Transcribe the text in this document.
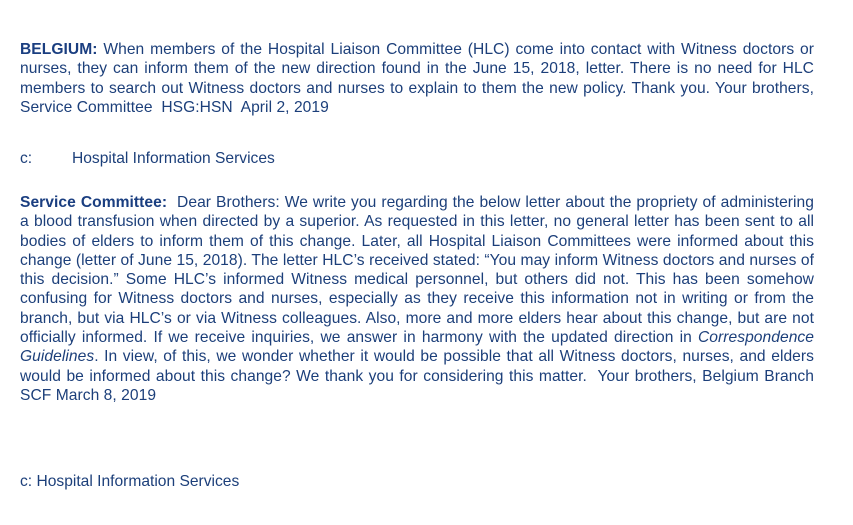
BELGIUM: When members of the Hospital Liaison Committee (HLC) come into contact with Witness doctors or nurses, they can inform them of the new direction found in the June 15, 2018, letter. There is no need for HLC members to search out Witness doctors and nurses to explain to them the new policy. Thank you. Your brothers, Service Committee  HSG:HSN  April 2, 2019

c:	Hospital Information Services

Service Committee:  Dear Brothers: We write you regarding the below letter about the propriety of administering a blood transfusion when directed by a superior. As requested in this letter, no general letter has been sent to all bodies of elders to inform them of this change. Later, all Hospital Liaison Committees were informed about this change (letter of June 15, 2018). The letter HLC’s received stated: “You may inform Witness doctors and nurses of this decision.” Some HLC’s informed Witness medical personnel, but others did not. This has been somehow confusing for Witness doctors and nurses, especially as they receive this information not in writing or from the branch, but via HLC’s or via Witness colleagues. Also, more and more elders hear about this change, but are not officially informed. If we receive inquiries, we answer in harmony with the updated direction in Correspondence Guidelines. In view, of this, we wonder whether it would be possible that all Witness doctors, nurses, and elders would be informed about this change? We thank you for considering this matter.  Your brothers, Belgium Branch SCF March 8, 2019

c: Hospital Information Services
